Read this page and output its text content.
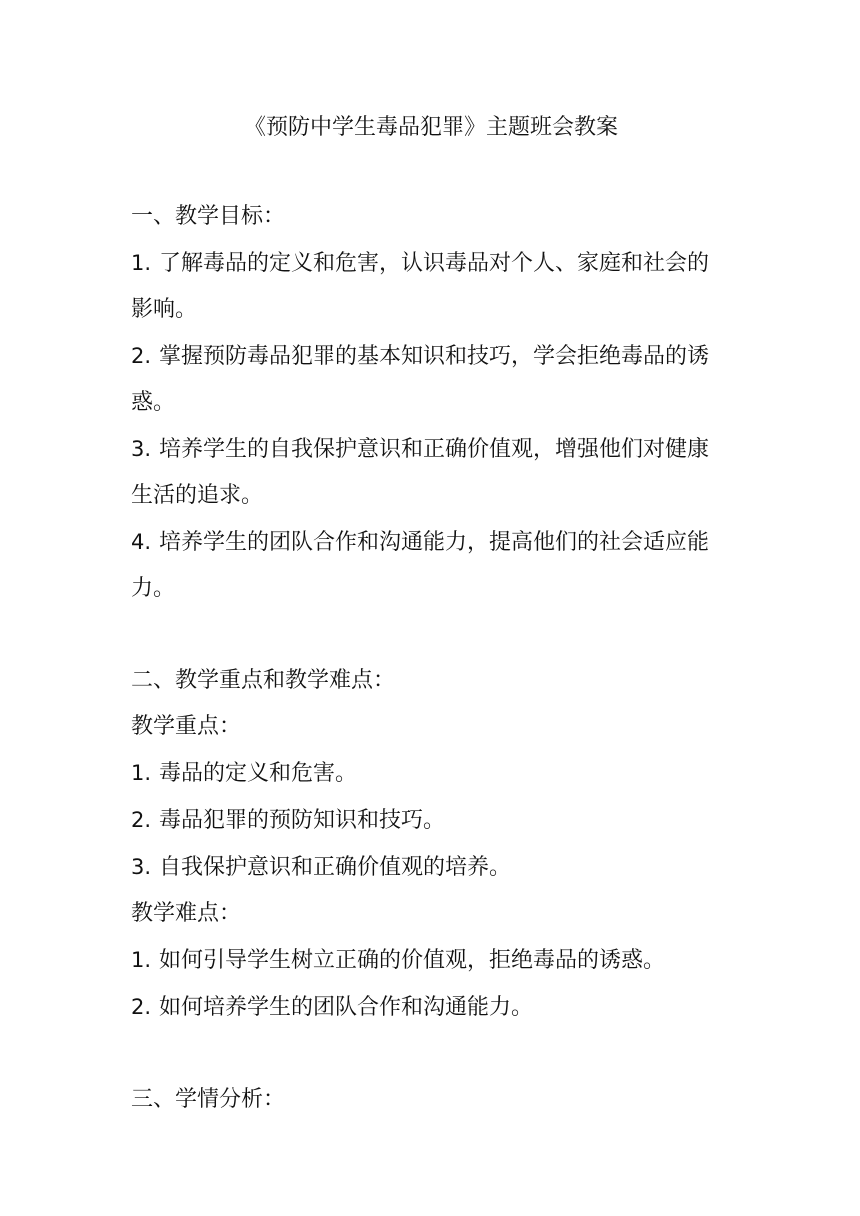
《预防中学生毒品犯罪》主题班会教案
一、教学目标：
1. 了解毒品的定义和危害，认识毒品对个人、家庭和社会的
影响。
2. 掌握预防毒品犯罪的基本知识和技巧，学会拒绝毒品的诱
惑。
3. 培养学生的自我保护意识和正确价值观，增强他们对健康
生活的追求。
4. 培养学生的团队合作和沟通能力，提高他们的社会适应能
力。
二、教学重点和教学难点：
教学重点：
1. 毒品的定义和危害。
2. 毒品犯罪的预防知识和技巧。
3. 自我保护意识和正确价值观的培养。
教学难点：
1. 如何引导学生树立正确的价值观，拒绝毒品的诱惑。
2. 如何培养学生的团队合作和沟通能力。
三、学情分析：
